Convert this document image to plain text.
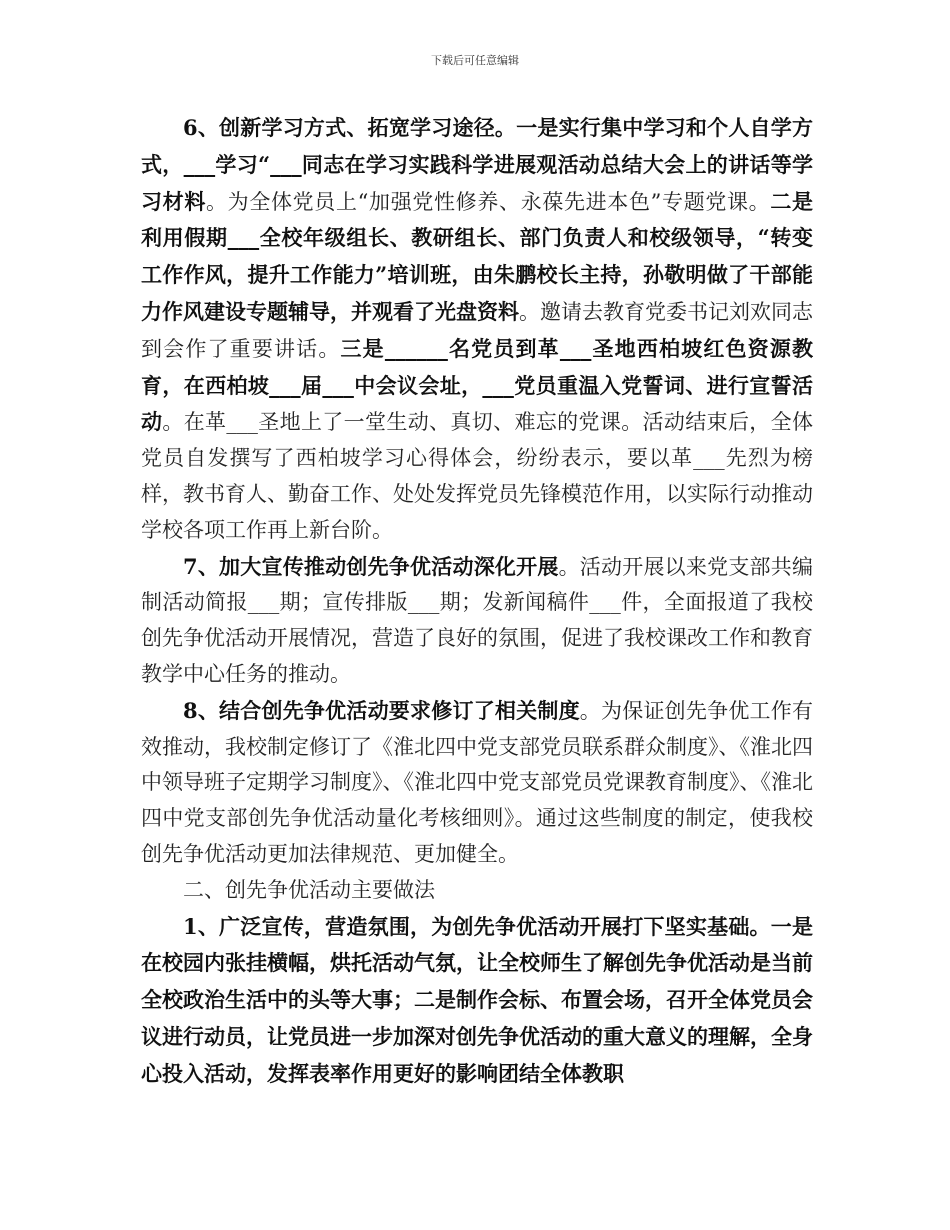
下载后可任意编辑

6、创新学习方式、拓宽学习途径。一是实行集中学习和个人自学方式，___学习“___同志在学习实践科学进展观活动总结大会上的讲话等学习材料。为全体党员上“加强党性修养、永葆先进本色”专题党课。二是利用假期___全校年级组长、教研组长、部门负责人和校级领导，“转变工作作风，提升工作能力”培训班，由朱鹏校长主持，孙敬明做了干部能力作风建设专题辅导，并观看了光盘资料。邀请去教育党委书记刘欢同志到会作了重要讲话。三是______名党员到革___圣地西柏坡红色资源教育，在西柏坡___届___中会议会址，___党员重温入党誓词、进行宣誓活动。在革___圣地上了一堂生动、真切、难忘的党课。活动结束后，全体党员自发撰写了西柏坡学习心得体会，纷纷表示，要以革___先烈为榜样，教书育人、勤奋工作、处处发挥党员先锋模范作用，以实际行动推动学校各项工作再上新台阶。

7、加大宣传推动创先争优活动深化开展。活动开展以来党支部共编制活动简报___期；宣传排版___期；发新闻稿件___件，全面报道了我校创先争优活动开展情况，营造了良好的氛围，促进了我校课改工作和教育教学中心任务的推动。

8、结合创先争优活动要求修订了相关制度。为保证创先争优工作有效推动，我校制定修订了《淮北四中党支部党员联系群众制度》、《淮北四中领导班子定期学习制度》、《淮北四中党支部党员党课教育制度》、《淮北四中党支部创先争优活动量化考核细则》。通过这些制度的制定，使我校创先争优活动更加法律规范、更加健全。

二、创先争优活动主要做法

1、广泛宣传，营造氛围，为创先争优活动开展打下坚实基础。一是在校园内张挂横幅，烘托活动气氛，让全校师生了解创先争优活动是当前全校政治生活中的头等大事；二是制作会标、布置会场，召开全体党员会议进行动员，让党员进一步加深对创先争优活动的重大意义的理解，全身心投入活动，发挥表率作用更好的影响团结全体教职
